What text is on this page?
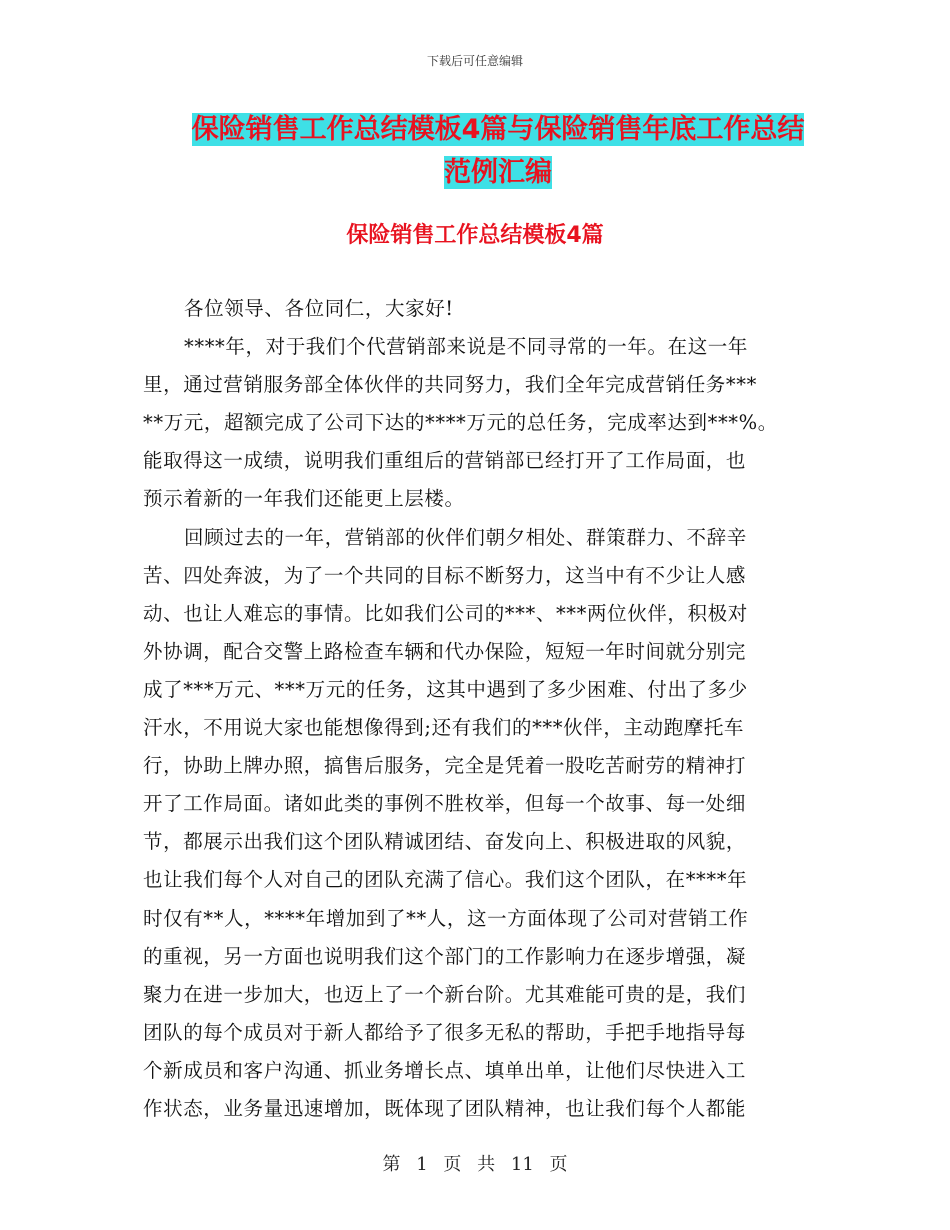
下载后可任意编辑
保险销售工作总结模板4篇与保险销售年底工作总结
范例汇编
保险销售工作总结模板4篇
各位领导、各位同仁，大家好!
****年，对于我们个代营销部来说是不同寻常的一年。在这一年
里，通过营销服务部全体伙伴的共同努力，我们全年完成营销任务***
**万元，超额完成了公司下达的****万元的总任务，完成率达到***%。
能取得这一成绩，说明我们重组后的营销部已经打开了工作局面，也
预示着新的一年我们还能更上层楼。
回顾过去的一年，营销部的伙伴们朝夕相处、群策群力、不辞辛
苦、四处奔波，为了一个共同的目标不断努力，这当中有不少让人感
动、也让人难忘的事情。比如我们公司的***、***两位伙伴，积极对
外协调，配合交警上路检查车辆和代办保险，短短一年时间就分别完
成了***万元、***万元的任务，这其中遇到了多少困难、付出了多少
汗水，不用说大家也能想像得到;还有我们的***伙伴，主动跑摩托车
行，协助上牌办照，搞售后服务，完全是凭着一股吃苦耐劳的精神打
开了工作局面。诸如此类的事例不胜枚举，但每一个故事、每一处细
节，都展示出我们这个团队精诚团结、奋发向上、积极进取的风貌，
也让我们每个人对自己的团队充满了信心。我们这个团队，在****年
时仅有**人，****年增加到了**人，这一方面体现了公司对营销工作
的重视，另一方面也说明我们这个部门的工作影响力在逐步增强，凝
聚力在进一步加大，也迈上了一个新台阶。尤其难能可贵的是，我们
团队的每个成员对于新人都给予了很多无私的帮助，手把手地指导每
个新成员和客户沟通、抓业务增长点、填单出单，让他们尽快进入工
作状态，业务量迅速增加，既体现了团队精神，也让我们每个人都能
第 1 页 共 11 页
